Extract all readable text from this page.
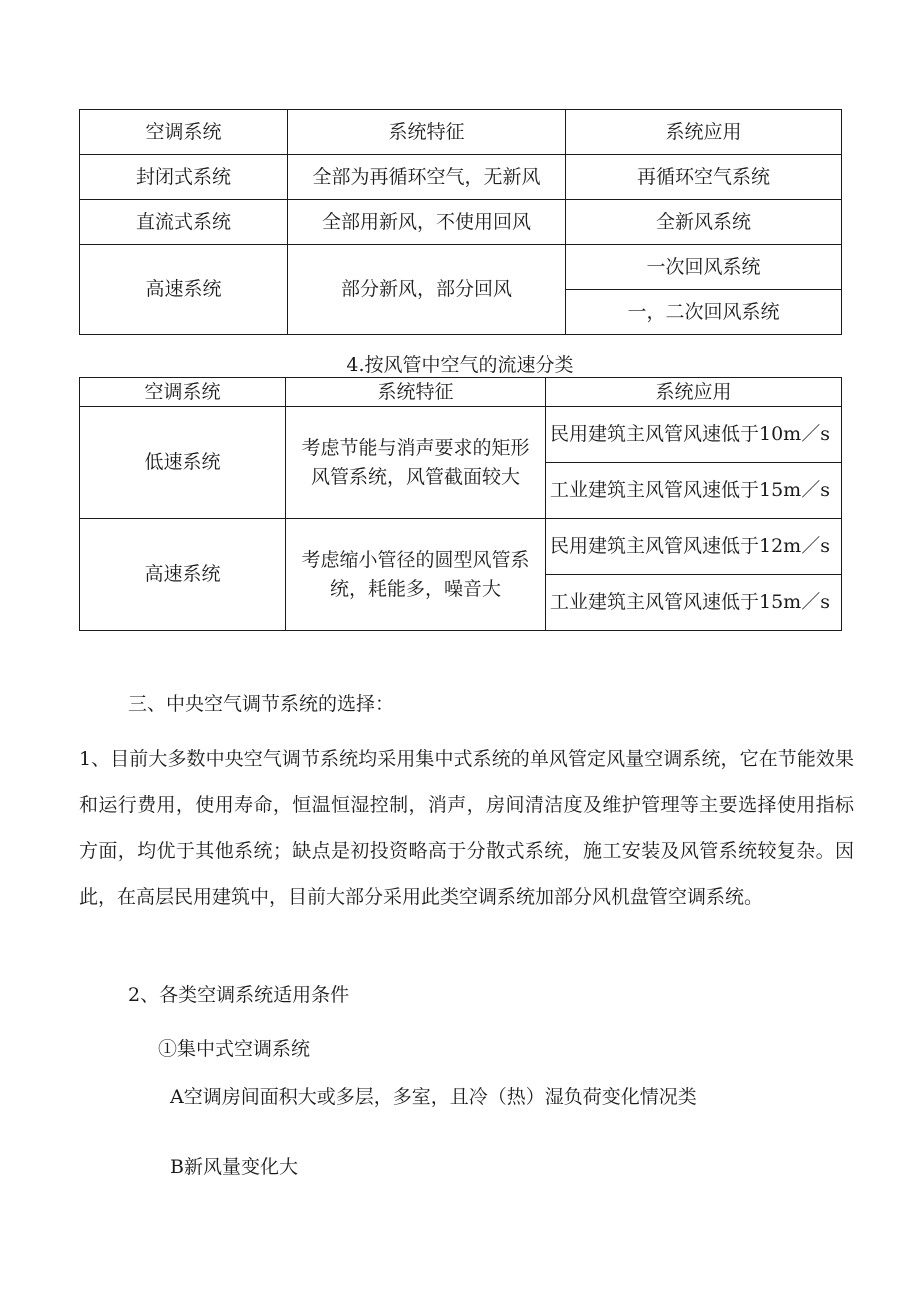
空调系统	系统特征	系统应用
封闭式系统	全部为再循环空气，无新风	再循环空气系统
直流式系统	全部用新风，不使用回风	全新风系统
高速系统	部分新风，部分回风	一次回风系统
		一，二次回风系统
4.按风管中空气的流速分类
空调系统	系统特征	系统应用
低速系统	考虑节能与消声要求的矩形风管系统，风管截面较大	民用建筑主风管风速低于10m／s
		工业建筑主风管风速低于15m／s
高速系统	考虑缩小管径的圆型风管系统，耗能多，噪音大	民用建筑主风管风速低于12m／s
		工业建筑主风管风速低于15m／s
三、中央空气调节系统的选择：
1、目前大多数中央空气调节系统均采用集中式系统的单风管定风量空调系统，它在节能效果和运行费用，使用寿命，恒温恒湿控制，消声，房间清洁度及维护管理等主要选择使用指标方面，均优于其他系统；缺点是初投资略高于分散式系统，施工安装及风管系统较复杂。因此，在高层民用建筑中，目前大部分采用此类空调系统加部分风机盘管空调系统。
2、各类空调系统适用条件
①集中式空调系统
A空调房间面积大或多层，多室，且冷（热）湿负荷变化情况类
B新风量变化大
